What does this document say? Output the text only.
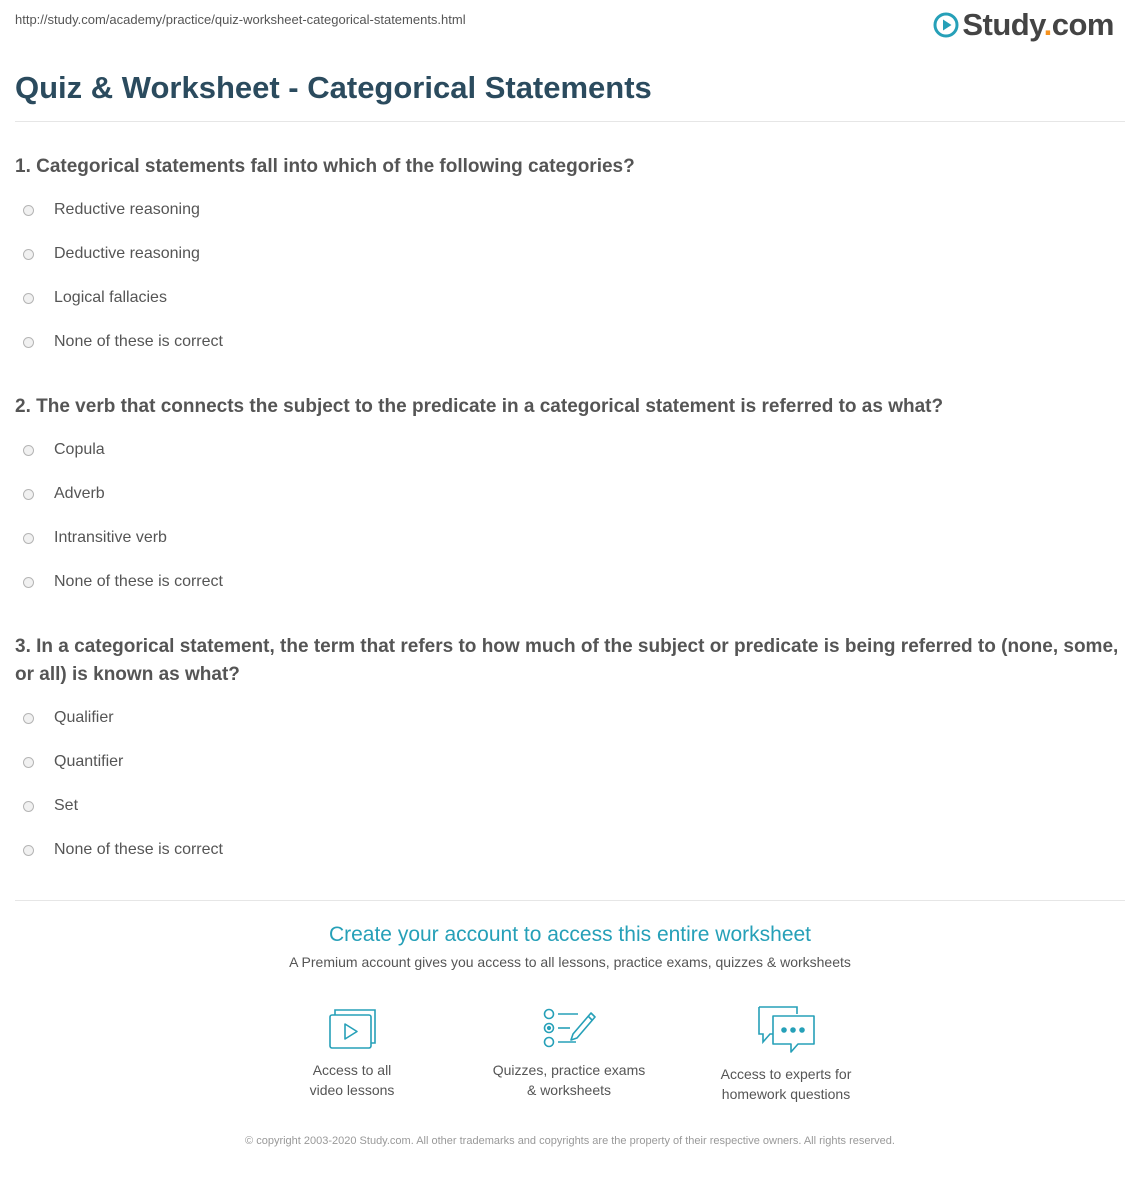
http://study.com/academy/practice/quiz-worksheet-categorical-statements.html	Study.com
Quiz & Worksheet - Categorical Statements

1. Categorical statements fall into which of the following categories?

Reductive reasoning
Deductive reasoning
Logical fallacies
None of these is correct

2. The verb that connects the subject to the predicate in a categorical statement is referred to as what?

Copula
Adverb
Intransitive verb
None of these is correct

3. In a categorical statement, the term that refers to how much of the subject or predicate is being referred to (none, some, or all) is known as what?

Qualifier
Quantifier
Set
None of these is correct
Create your account to access this entire worksheet
A Premium account gives you access to all lessons, practice exams, quizzes & worksheets
Access to all
video lessons
Quizzes, practice exams
& worksheets
Access to experts for
homework questions
© copyright 2003-2020 Study.com. All other trademarks and copyrights are the property of their respective owners. All rights reserved.
